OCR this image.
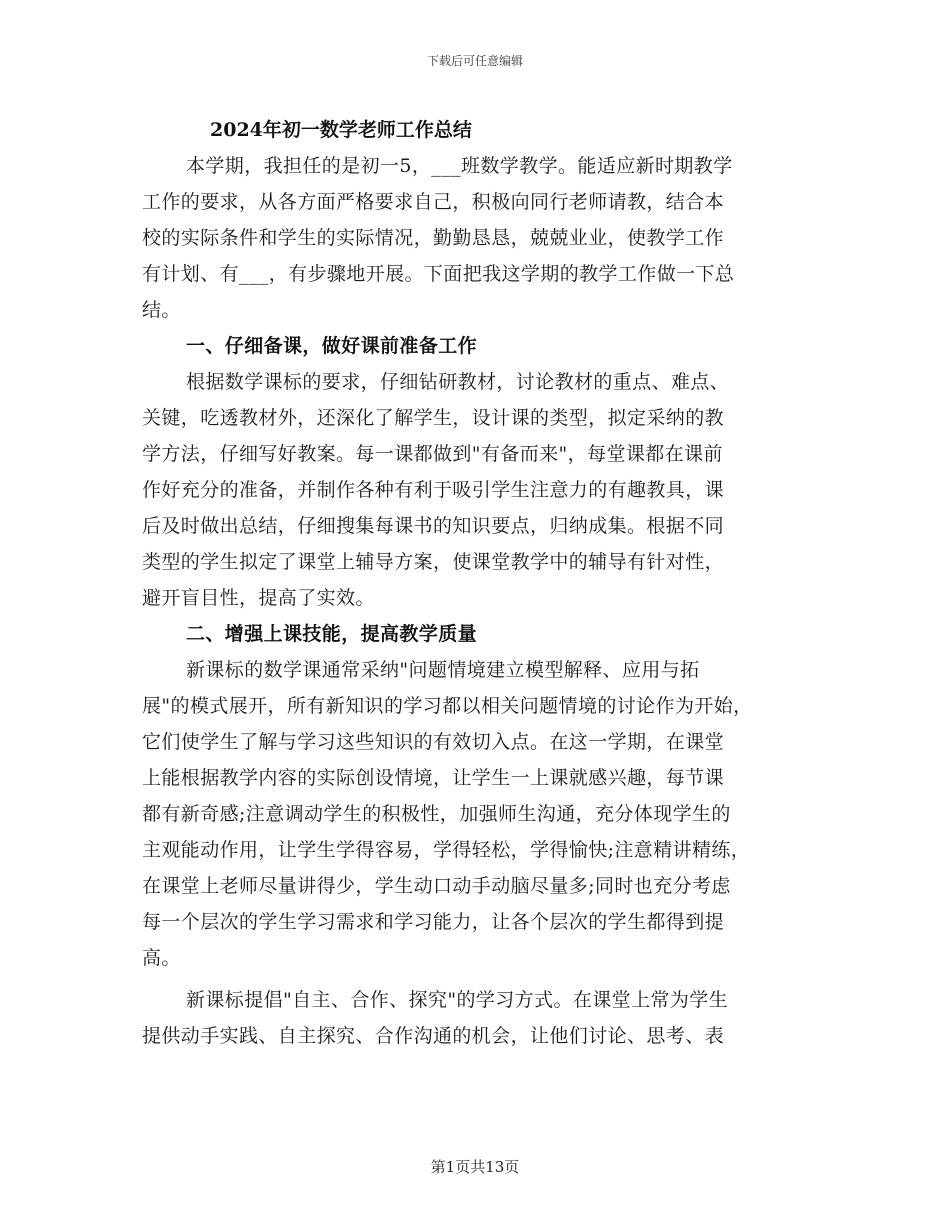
下载后可任意编辑
2024年初一数学老师工作总结
本学期，我担任的是初一5，___班数学教学。能适应新时期教学
工作的要求，从各方面严格要求自己，积极向同行老师请教，结合本
校的实际条件和学生的实际情况，勤勤恳恳，兢兢业业，使教学工作
有计划、有___，有步骤地开展。下面把我这学期的教学工作做一下总
结。
一、仔细备课，做好课前准备工作
根据数学课标的要求，仔细钻研教材，讨论教材的重点、难点、
关键，吃透教材外，还深化了解学生，设计课的类型，拟定采纳的教
学方法，仔细写好教案。每一课都做到"有备而来"，每堂课都在课前
作好充分的准备，并制作各种有利于吸引学生注意力的有趣教具，课
后及时做出总结，仔细搜集每课书的知识要点，归纳成集。根据不同
类型的学生拟定了课堂上辅导方案，使课堂教学中的辅导有针对性，
避开盲目性，提高了实效。
二、增强上课技能，提高教学质量
新课标的数学课通常采纳"问题情境建立模型解释、应用与拓
展"的模式展开，所有新知识的学习都以相关问题情境的讨论作为开始，
它们使学生了解与学习这些知识的有效切入点。在这一学期，在课堂
上能根据教学内容的实际创设情境，让学生一上课就感兴趣，每节课
都有新奇感;注意调动学生的积极性，加强师生沟通，充分体现学生的
主观能动作用，让学生学得容易，学得轻松，学得愉快;注意精讲精练，
在课堂上老师尽量讲得少，学生动口动手动脑尽量多;同时也充分考虑
每一个层次的学生学习需求和学习能力，让各个层次的学生都得到提
高。
新课标提倡"自主、合作、探究"的学习方式。在课堂上常为学生
提供动手实践、自主探究、合作沟通的机会，让他们讨论、思考、表
第1页共13页
